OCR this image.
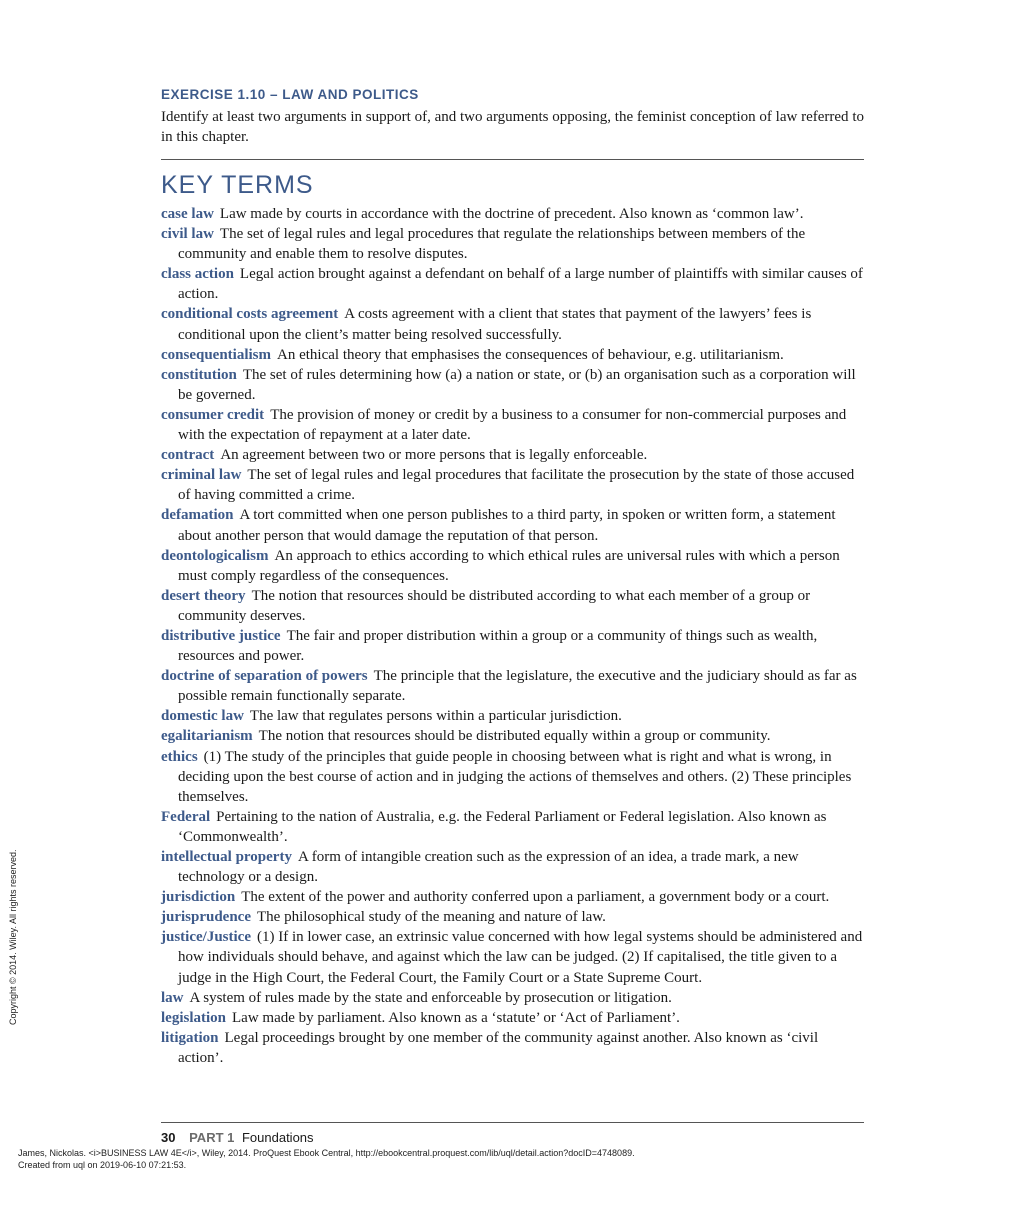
EXERCISE 1.10 – LAW AND POLITICS

Identify at least two arguments in support of, and two arguments opposing, the feminist conception of law referred to in this chapter.

KEY TERMS
case law Law made by courts in accordance with the doctrine of precedent. Also known as ‘common law’.
civil law The set of legal rules and legal procedures that regulate the relationships between members of the community and enable them to resolve disputes.
class action Legal action brought against a defendant on behalf of a large number of plaintiffs with similar causes of action.
conditional costs agreement A costs agreement with a client that states that payment of the lawyers’ fees is conditional upon the client’s matter being resolved successfully.
consequentialism An ethical theory that emphasises the consequences of behaviour, e.g. utilitarianism.
constitution The set of rules determining how (a) a nation or state, or (b) an organisation such as a corporation will be governed.
consumer credit The provision of money or credit by a business to a consumer for non-commercial purposes and with the expectation of repayment at a later date.
contract An agreement between two or more persons that is legally enforceable.
criminal law The set of legal rules and legal procedures that facilitate the prosecution by the state of those accused of having committed a crime.
defamation A tort committed when one person publishes to a third party, in spoken or written form, a statement about another person that would damage the reputation of that person.
deontologicalism An approach to ethics according to which ethical rules are universal rules with which a person must comply regardless of the consequences.
desert theory The notion that resources should be distributed according to what each member of a group or community deserves.
distributive justice The fair and proper distribution within a group or a community of things such as wealth, resources and power.
doctrine of separation of powers The principle that the legislature, the executive and the judiciary should as far as possible remain functionally separate.
domestic law The law that regulates persons within a particular jurisdiction.
egalitarianism The notion that resources should be distributed equally within a group or community.
ethics (1) The study of the principles that guide people in choosing between what is right and what is wrong, in deciding upon the best course of action and in judging the actions of themselves and others. (2) These principles themselves.
Federal Pertaining to the nation of Australia, e.g. the Federal Parliament or Federal legislation. Also known as ‘Commonwealth’.
intellectual property A form of intangible creation such as the expression of an idea, a trade mark, a new technology or a design.
jurisdiction The extent of the power and authority conferred upon a parliament, a government body or a court.
jurisprudence The philosophical study of the meaning and nature of law.
justice/Justice (1) If in lower case, an extrinsic value concerned with how legal systems should be administered and how individuals should behave, and against which the law can be judged. (2) If capitalised, the title given to a judge in the High Court, the Federal Court, the Family Court or a State Supreme Court.
law A system of rules made by the state and enforceable by prosecution or litigation.
legislation Law made by parliament. Also known as a ‘statute’ or ‘Act of Parliament’.
litigation Legal proceedings brought by one member of the community against another. Also known as ‘civil action’.
30 PART 1 Foundations
James, Nickolas. <i>BUSINESS LAW 4E</i>, Wiley, 2014. ProQuest Ebook Central, http://ebookcentral.proquest.com/lib/uql/detail.action?docID=4748089.
Created from uql on 2019-06-10 07:21:53.
Copyright © 2014. Wiley. All rights reserved.
